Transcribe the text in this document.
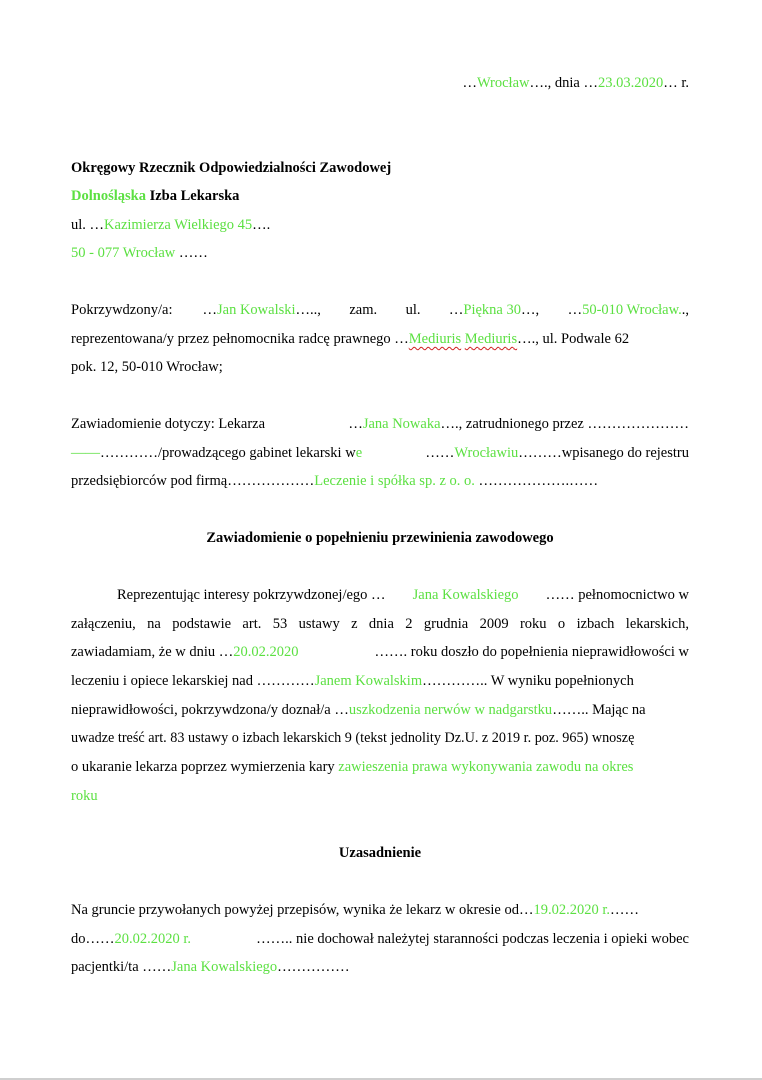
…Wrocław…., dnia …23.03.2020… r.
Okręgowy Rzecznik Odpowiedzialności Zawodowej
Dolnośląska Izba Lekarska
ul. …Kazimierza Wielkiego 45….
50 - 077 Wrocław ……
Pokrzywdzony/a: … Jan Kowalski ….., zam. ul. …Piękna 30…, …50-010 Wrocław..,
reprezentowana/y przez pełnomocnika radcę prawnego …Mediuris Mediuris…., ul. Podwale 62
pok. 12, 50-010 Wrocław;
Zawiadomienie dotyczy: Lekarza	…Jana Nowaka…., zatrudnionego przez …………………
——…………/prowadzącego gabinet lekarski we	……Wrocławiu………wpisanego do rejestru
przedsiębiorców pod firmą………………Leczenie i spółka sp. z o. o. ……………….……
Zawiadomienie o popełnieniu przewinienia zawodowego
Reprezentując interesy pokrzywdzonej/ego … Jana Kowalskiego …… pełnomocnictwo w
załączeniu, na podstawie art. 53 ustawy z dnia 2 grudnia 2009 roku o izbach lekarskich,
zawiadamiam, że w dniu …20.02.2020	……. roku doszło do popełnienia nieprawidłowości w
leczeniu i opiece lekarskiej nad …………Janem Kowalskim………….. W wyniku popełnionych
nieprawidłowości, pokrzywdzona/y doznał/a …uszkodzenia nerwów w nadgarstku…….. Mając na
uwadze treść art. 83 ustawy o izbach lekarskich 9 (tekst jednolity Dz.U. z 2019 r. poz. 965) wnoszę
o ukaranie lekarza poprzez wymierzenia kary zawieszenia prawa wykonywania zawodu na okres
roku
Uzasadnienie
Na gruncie przywołanych powyżej przepisów, wynika że lekarz w okresie od…19.02.2020 r.……
do……20.02.2020 r.	…….. nie dochował należytej staranności podczas leczenia i opieki wobec
pacjentki/ta ……Jana Kowalskiego……………
